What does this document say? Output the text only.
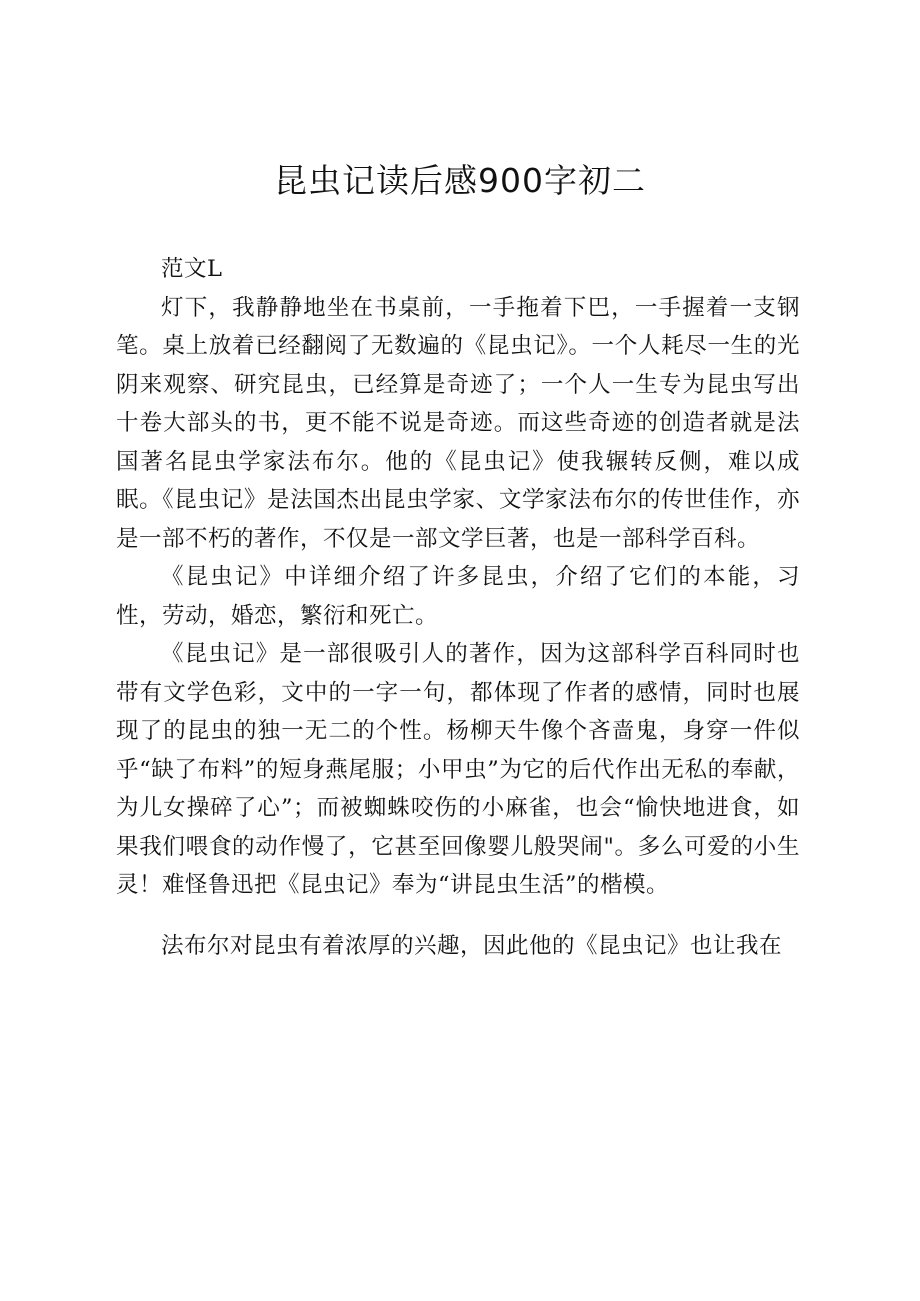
昆虫记读后感900字初二

范文L

灯下，我静静地坐在书桌前，一手拖着下巴，一手握着一支钢笔。桌上放着已经翻阅了无数遍的《昆虫记》。一个人耗尽一生的光阴来观察、研究昆虫，已经算是奇迹了；一个人一生专为昆虫写出十卷大部头的书，更不能不说是奇迹。而这些奇迹的创造者就是法国著名昆虫学家法布尔。他的《昆虫记》使我辗转反侧，难以成眠。《昆虫记》是法国杰出昆虫学家、文学家法布尔的传世佳作，亦是一部不朽的著作，不仅是一部文学巨著，也是一部科学百科。

《昆虫记》中详细介绍了许多昆虫，介绍了它们的本能，习性，劳动，婚恋，繁衍和死亡。

《昆虫记》是一部很吸引人的著作，因为这部科学百科同时也带有文学色彩，文中的一字一句，都体现了作者的感情，同时也展现了的昆虫的独一无二的个性。杨柳天牛像个吝啬鬼，身穿一件似乎“缺了布料”的短身燕尾服；小甲虫”为它的后代作出无私的奉献，为儿女操碎了心”；而被蜘蛛咬伤的小麻雀，也会“愉快地进食，如果我们喂食的动作慢了，它甚至回像婴儿般哭闹"。多么可爱的小生灵！难怪鲁迅把《昆虫记》奉为“讲昆虫生活”的楷模。

法布尔对昆虫有着浓厚的兴趣，因此他的《昆虫记》也让我在
